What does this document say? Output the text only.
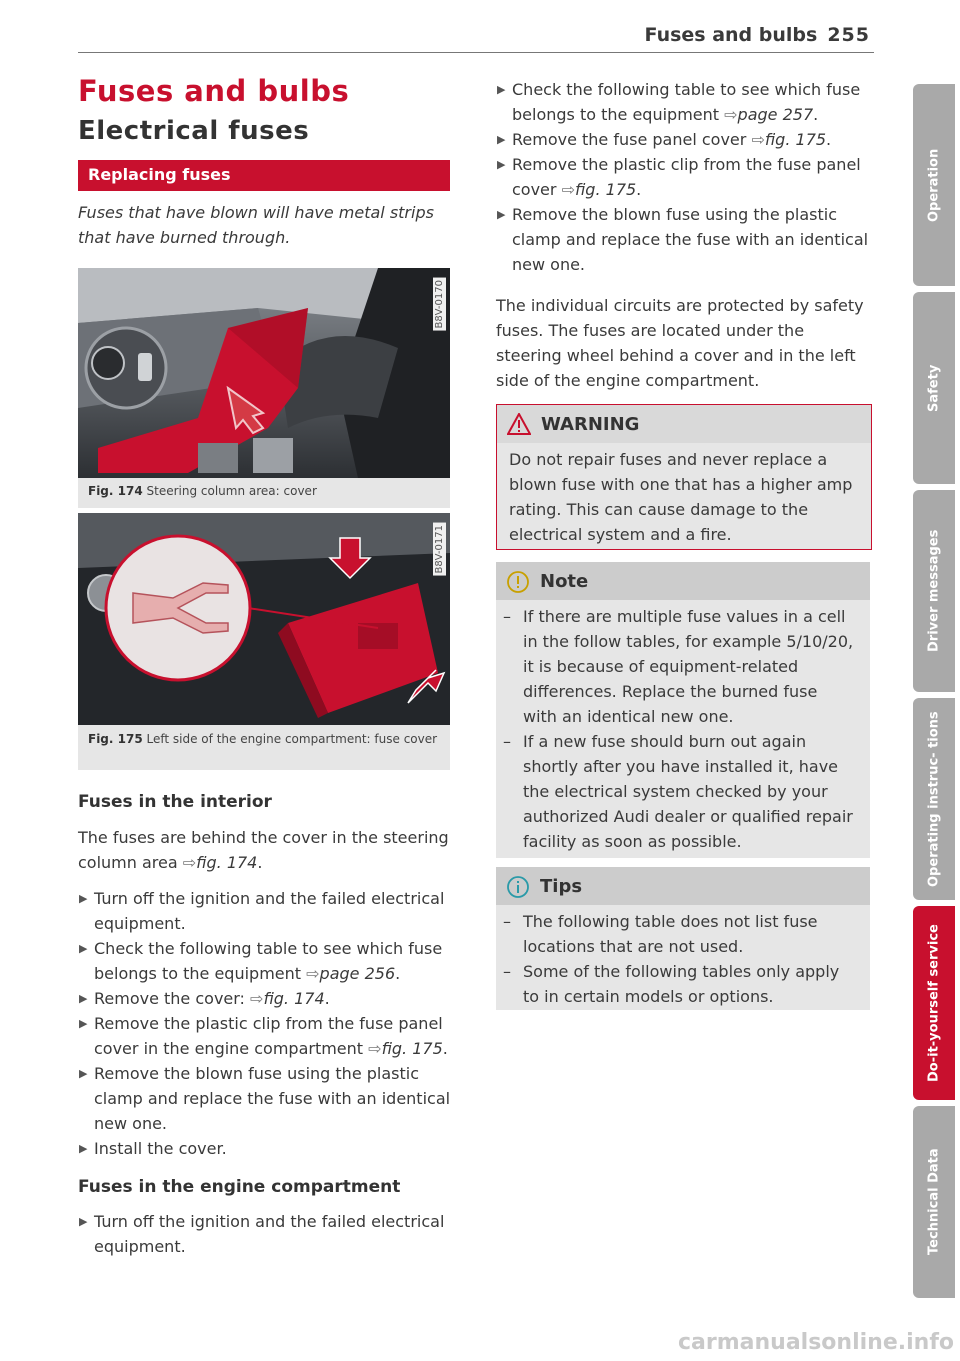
Fuses and bulbs 255
Fuses and bulbs
Electrical fuses
Replacing fuses
Fuses that have blown will have metal strips that have burned through.
B8V-0170
Fig. 174 Steering column area: cover
B8V-0171
Fig. 175 Left side of the engine compartment: fuse cover
Fuses in the interior
The fuses are behind the cover in the steering column area ⇨fig. 174.
▶ Turn off the ignition and the failed electrical equipment.
▶ Check the following table to see which fuse belongs to the equipment ⇨page 256.
▶ Remove the cover: ⇨fig. 174.
▶ Remove the plastic clip from the fuse panel cover in the engine compartment ⇨fig. 175.
▶ Remove the blown fuse using the plastic clamp and replace the fuse with an identical new one.
▶ Install the cover.
Fuses in the engine compartment
▶ Turn off the ignition and the failed electrical equipment.
▶ Check the following table to see which fuse belongs to the equipment ⇨page 257.
▶ Remove the fuse panel cover ⇨fig. 175.
▶ Remove the plastic clip from the fuse panel cover ⇨fig. 175.
▶ Remove the blown fuse using the plastic clamp and replace the fuse with an identical new one.
The individual circuits are protected by safety fuses. The fuses are located under the steering wheel behind a cover and in the left side of the engine compartment.
WARNING
Do not repair fuses and never replace a blown fuse with one that has a higher amp rating. This can cause damage to the electrical system and a fire.
Note
– If there are multiple fuse values in a cell in the follow tables, for example 5/10/20, it is because of equipment-related differences. Replace the burned fuse with an identical new one.
– If a new fuse should burn out again shortly after you have installed it, have the electrical system checked by your authorized Audi dealer or qualified repair facility as soon as possible.
Tips
– The following table does not list fuse locations that are not used.
– Some of the following tables only apply to in certain models or options.
Operation
Safety
Driver messages
Operating instruc- tions
Do-it-yourself service
Technical Data
carmanualsonline.info
